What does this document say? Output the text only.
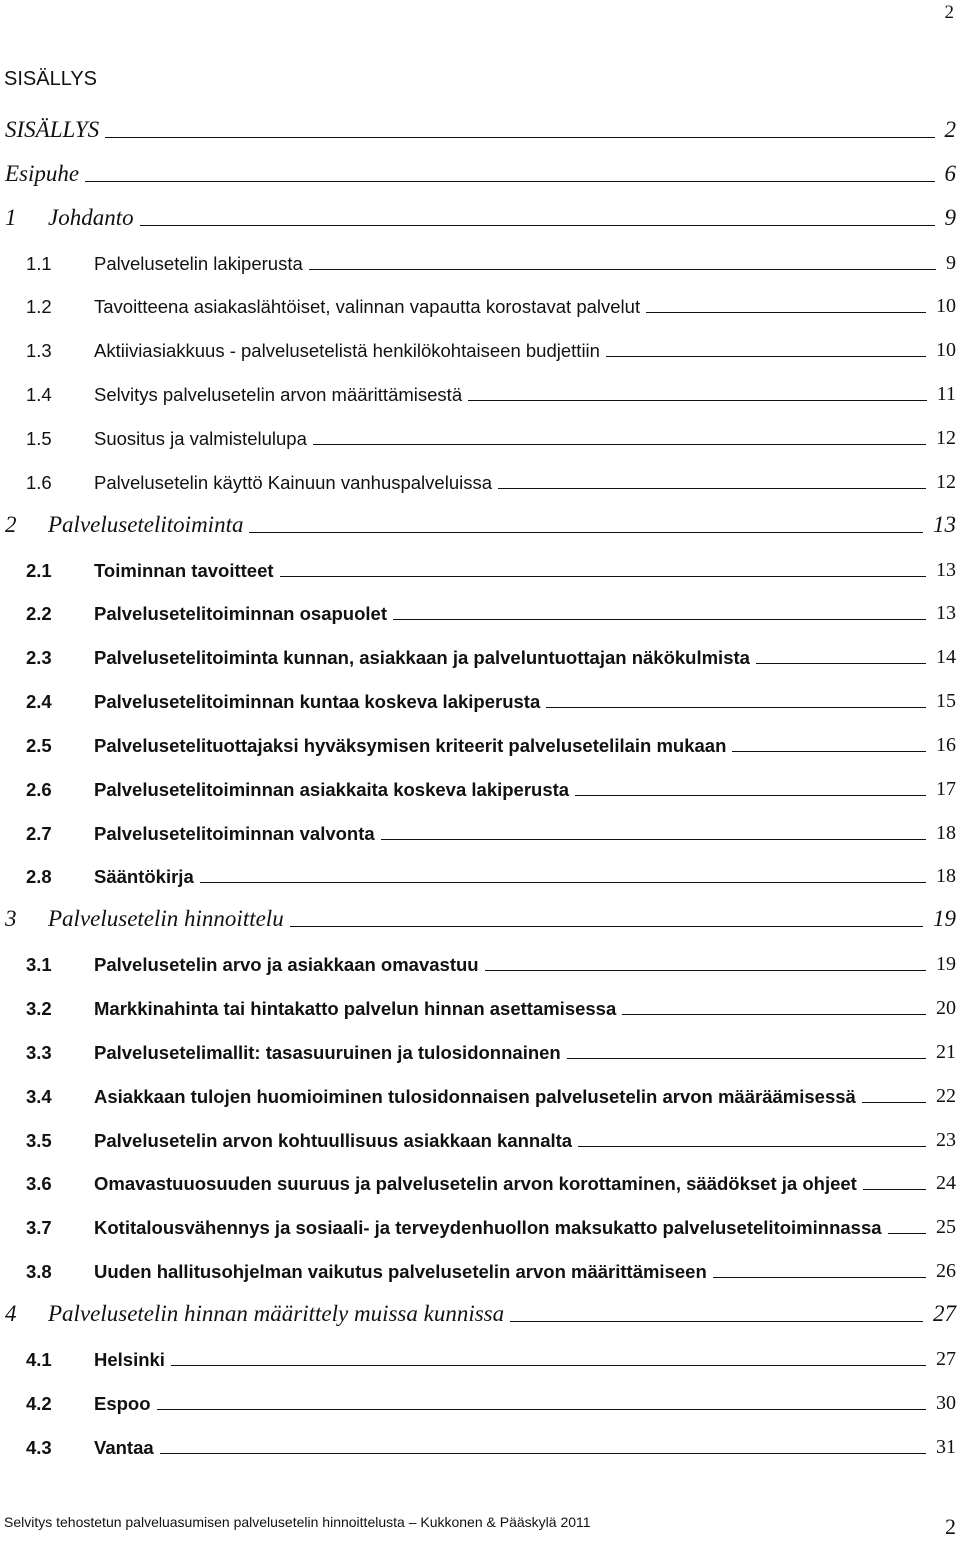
2
SISÄLLYS
SISÄLLYS	2
Esipuhe	6
1 Johdanto	9
1.1 Palvelusetelin lakiperusta	9
1.2 Tavoitteena asiakaslähtöiset, valinnan vapautta korostavat palvelut	10
1.3 Aktiiviasiakkuus - palvelusetelistä henkilökohtaiseen budjettiin	10
1.4 Selvitys palvelusetelin arvon määrittämisestä	11
1.5 Suositus ja valmistelulupa	12
1.6 Palvelusetelin käyttö Kainuun vanhuspalveluissa	12
2 Palvelusetelitoiminta	13
2.1 Toiminnan tavoitteet	13
2.2 Palvelusetelitoiminnan osapuolet	13
2.3 Palvelusetelitoiminta kunnan, asiakkaan ja palveluntuottajan näkökulmista	14
2.4 Palvelusetelitoiminnan kuntaa koskeva lakiperusta	15
2.5 Palvelusetelituottajaksi hyväksymisen kriteerit palvelusetelilain mukaan	16
2.6 Palvelusetelitoiminnan asiakkaita koskeva lakiperusta	17
2.7 Palvelusetelitoiminnan valvonta	18
2.8 Sääntökirja	18
3 Palvelusetelin hinnoittelu	19
3.1 Palvelusetelin arvo ja asiakkaan omavastuu	19
3.2 Markkinahinta tai hintakatto palvelun hinnan asettamisessa	20
3.3 Palvelusetelimallit: tasasuuruinen ja tulosidonnainen	21
3.4 Asiakkaan tulojen huomioiminen tulosidonnaisen palvelusetelin arvon määräämisessä	22
3.5 Palvelusetelin arvon kohtuullisuus asiakkaan kannalta	23
3.6 Omavastuuosuuden suuruus ja palvelusetelin arvon korottaminen, säädökset ja ohjeet	24
3.7 Kotitalousvähennys ja sosiaali- ja terveydenhuollon maksukatto palvelusetelitoiminnassa	25
3.8 Uuden hallitusohjelman vaikutus palvelusetelin arvon määrittämiseen	26
4 Palvelusetelin hinnan määrittely muissa kunnissa	27
4.1 Helsinki	27
4.2 Espoo	30
4.3 Vantaa	31
Selvitys tehostetun palveluasumisen palvelusetelin hinnoittelusta – Kukkonen & Pääskylä 2011	2
